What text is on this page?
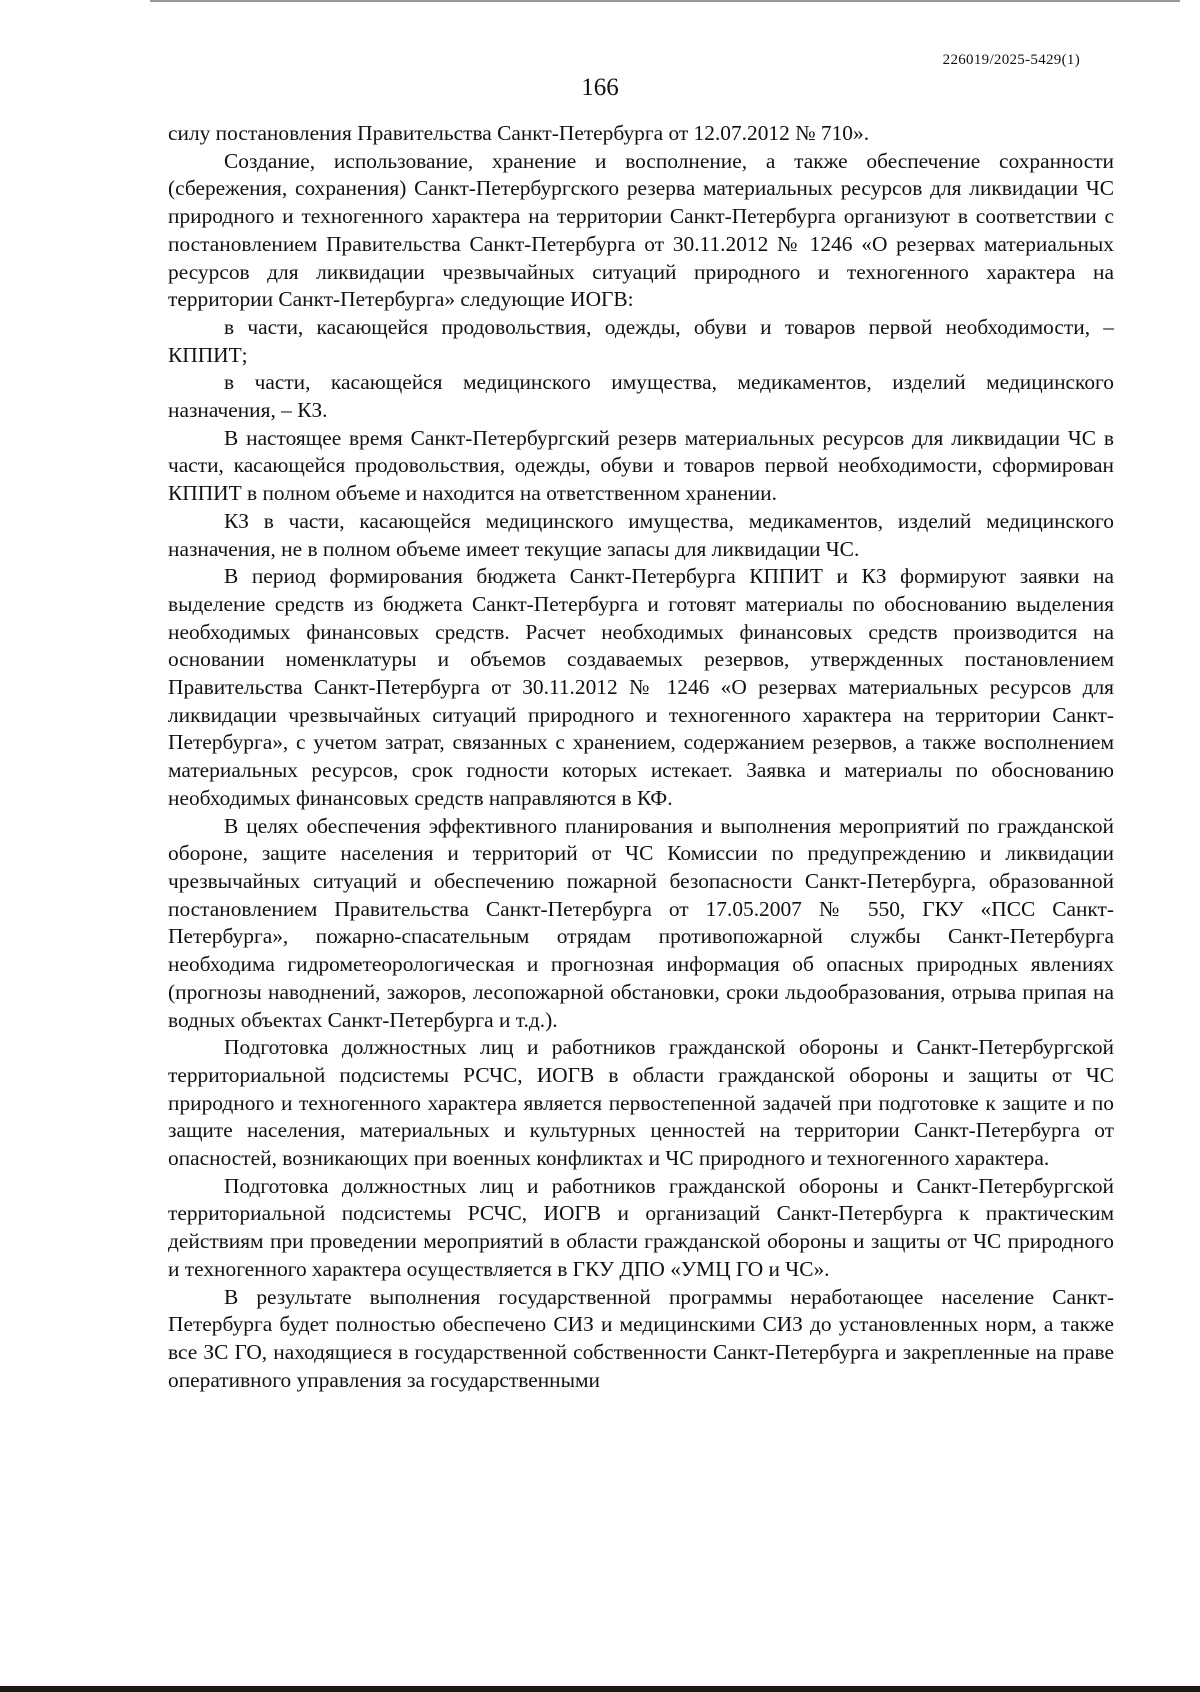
226019/2025-5429(1)
166

силу постановления Правительства Санкт-Петербурга от 12.07.2012 № 710».

Создание, использование, хранение и восполнение, а также обеспечение сохранности (сбережения, сохранения) Санкт-Петербургского резерва материальных ресурсов для ликвидации ЧС природного и техногенного характера на территории Санкт-Петербурга организуют в соответствии с постановлением Правительства Санкт-Петербурга от 30.11.2012 № 1246 «О резервах материальных ресурсов для ликвидации чрезвычайных ситуаций природного и техногенного характера на территории Санкт-Петербурга» следующие ИОГВ:

в части, касающейся продовольствия, одежды, обуви и товаров первой необходимости, – КППИТ;

в части, касающейся медицинского имущества, медикаментов, изделий медицинского назначения, – КЗ.

В настоящее время Санкт-Петербургский резерв материальных ресурсов для ликвидации ЧС в части, касающейся продовольствия, одежды, обуви и товаров первой необходимости, сформирован КППИТ в полном объеме и находится на ответственном хранении.

КЗ в части, касающейся медицинского имущества, медикаментов, изделий медицинского назначения, не в полном объеме имеет текущие запасы для ликвидации ЧС.

В период формирования бюджета Санкт-Петербурга КППИТ и КЗ формируют заявки на выделение средств из бюджета Санкт-Петербурга и готовят материалы по обоснованию выделения необходимых финансовых средств. Расчет необходимых финансовых средств производится на основании номенклатуры и объемов создаваемых резервов, утвержденных постановлением Правительства Санкт-Петербурга от 30.11.2012 № 1246 «О резервах материальных ресурсов для ликвидации чрезвычайных ситуаций природного и техногенного характера на территории Санкт-Петербурга», с учетом затрат, связанных с хранением, содержанием резервов, а также восполнением материальных ресурсов, срок годности которых истекает. Заявка и материалы по обоснованию необходимых финансовых средств направляются в КФ.

В целях обеспечения эффективного планирования и выполнения мероприятий по гражданской обороне, защите населения и территорий от ЧС Комиссии по предупреждению и ликвидации чрезвычайных ситуаций и обеспечению пожарной безопасности Санкт-Петербурга, образованной постановлением Правительства Санкт-Петербурга от 17.05.2007 № 550, ГКУ «ПСС Санкт-Петербурга», пожарно-спасательным отрядам противопожарной службы Санкт-Петербурга необходима гидрометеорологическая и прогнозная информация об опасных природных явлениях (прогнозы наводнений, зажоров, лесопожарной обстановки, сроки льдообразования, отрыва припая на водных объектах Санкт-Петербурга и т.д.).

Подготовка должностных лиц и работников гражданской обороны и Санкт-Петербургской территориальной подсистемы РСЧС, ИОГВ в области гражданской обороны и защиты от ЧС природного и техногенного характера является первостепенной задачей при подготовке к защите и по защите населения, материальных и культурных ценностей на территории Санкт-Петербурга от опасностей, возникающих при военных конфликтах и ЧС природного и техногенного характера.

Подготовка должностных лиц и работников гражданской обороны и Санкт-Петербургской территориальной подсистемы РСЧС, ИОГВ и организаций Санкт-Петербурга к практическим действиям при проведении мероприятий в области гражданской обороны и защиты от ЧС природного и техногенного характера осуществляется в ГКУ ДПО «УМЦ ГО и ЧС».

В результате выполнения государственной программы неработающее население Санкт-Петербурга будет полностью обеспечено СИЗ и медицинскими СИЗ до установленных норм, а также все ЗС ГО, находящиеся в государственной собственности Санкт-Петербурга и закрепленные на праве оперативного управления за государственными
